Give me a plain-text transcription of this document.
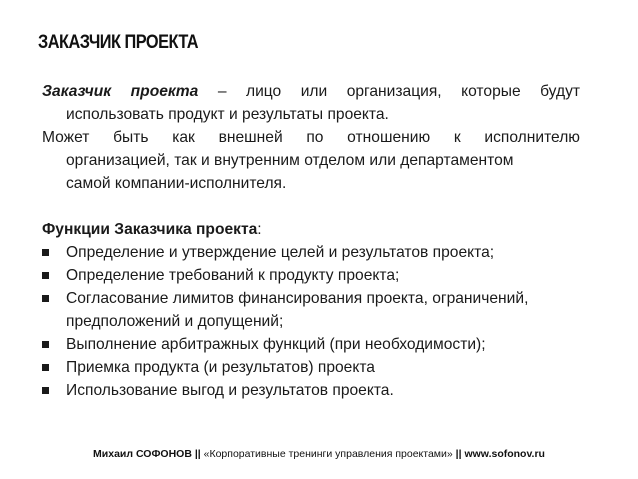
ЗАКАЗЧИК ПРОЕКТА

Заказчик проекта – лицо или организация, которые будут
использовать продукт и результаты проекта.

Может быть как внешней по отношению к исполнителю
организацией, так и внутренним отделом или департаментом
самой компании-исполнителя.

Функции Заказчика проекта:

Определение и утверждение целей и результатов проекта;
Определение требований к продукту проекта;
Согласование лимитов финансирования проекта, ограничений, предположений и допущений;
Выполнение арбитражных функций (при необходимости);
Приемка продукта (и результатов) проекта
Использование выгод и результатов проекта.
Михаил СОФОНОВ || «Корпоративные тренинги управления проектами» || www.sofonov.ru
